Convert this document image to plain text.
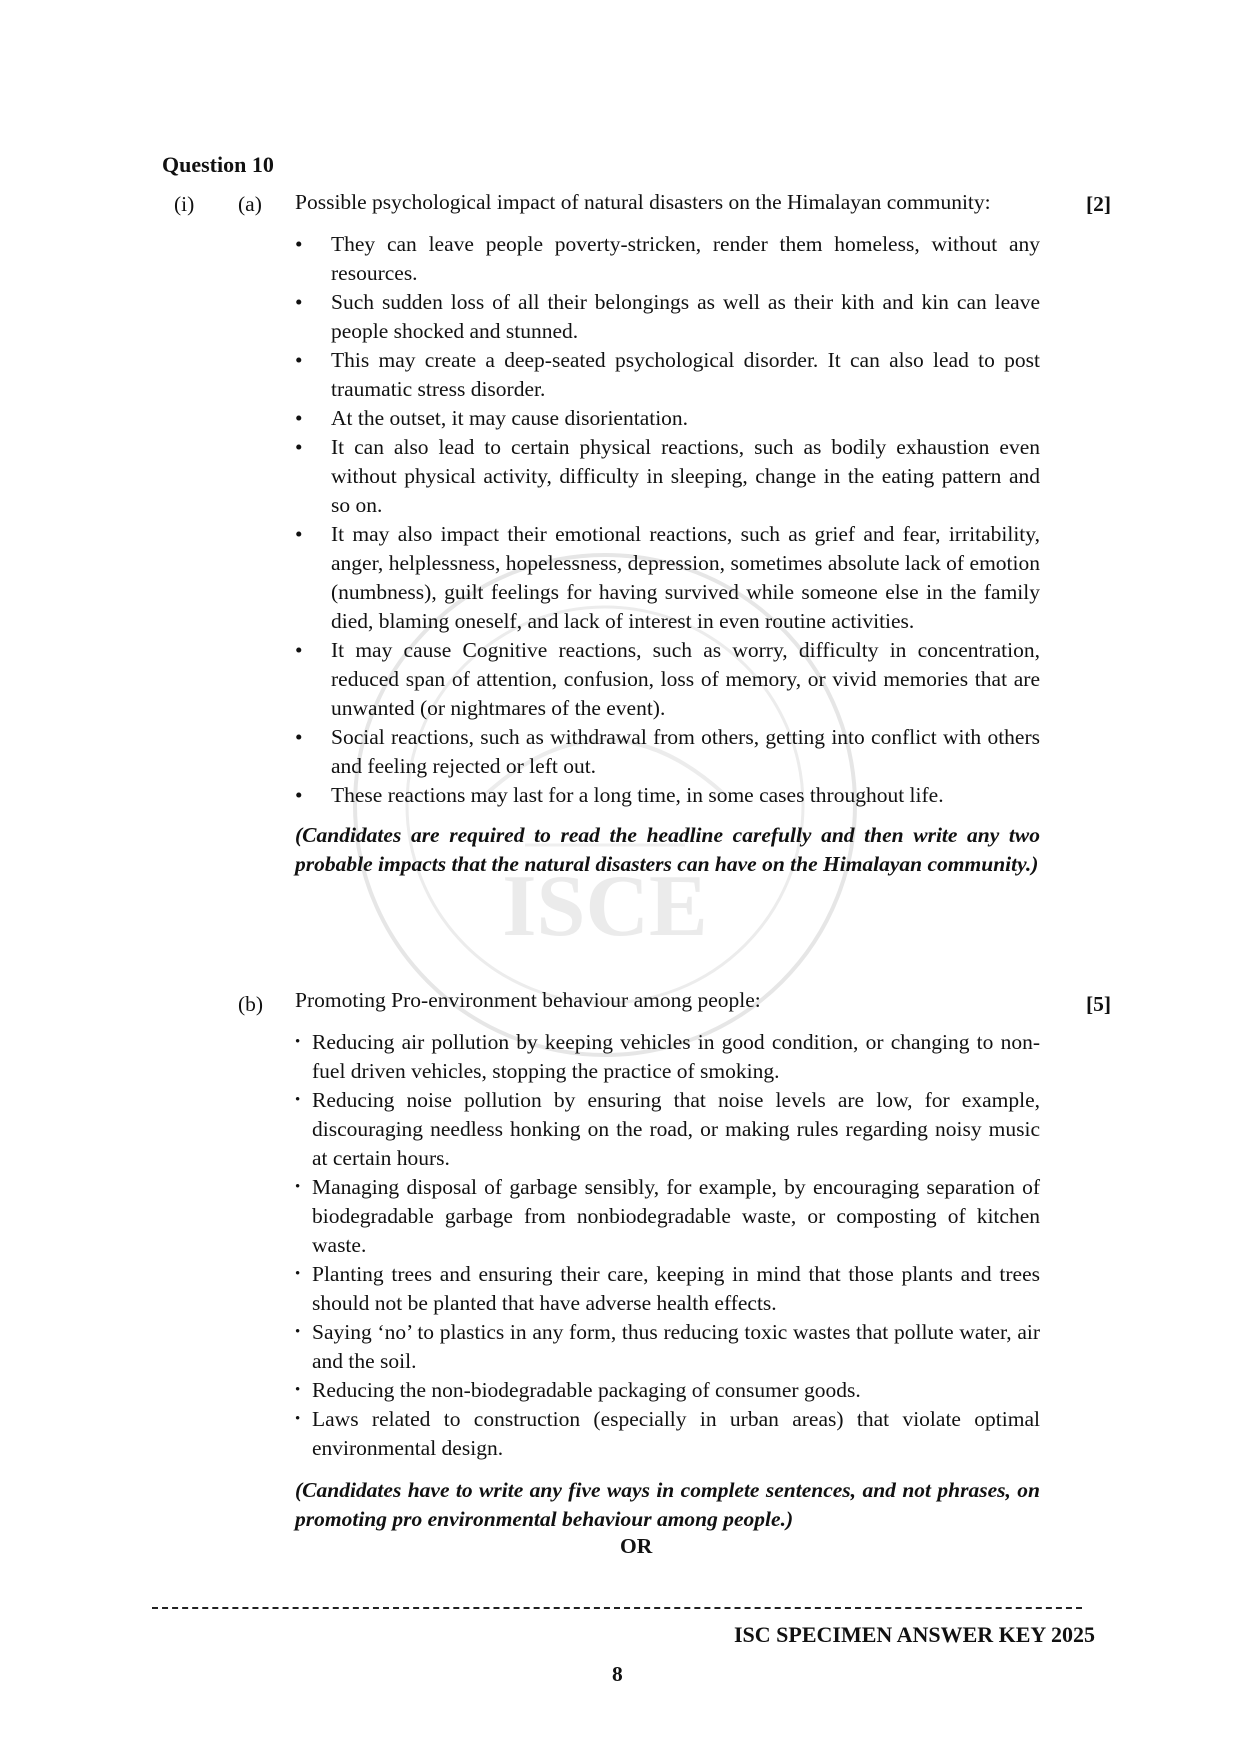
ISCE
Question 10
(i) (a)	[2]

Possible psychological impact of natural disasters on the Himalayan community:

• They can leave people poverty-stricken, render them homeless, without any resources.
• Such sudden loss of all their belongings as well as their kith and kin can leave people shocked and stunned.
• This may create a deep-seated psychological disorder. It can also lead to post traumatic stress disorder.
• At the outset, it may cause disorientation.
• It can also lead to certain physical reactions, such as bodily exhaustion even without physical activity, difficulty in sleeping, change in the eating pattern and so on.
• It may also impact their emotional reactions, such as grief and fear, irritability, anger, helplessness, hopelessness, depression, sometimes absolute lack of emotion (numbness), guilt feelings for having survived while someone else in the family died, blaming oneself, and lack of interest in even routine activities.
• It may cause Cognitive reactions, such as worry, difficulty in concentration, reduced span of attention, confusion, loss of memory, or vivid memories that are unwanted (or nightmares of the event).
• Social reactions, such as withdrawal from others, getting into conflict with others and feeling rejected or left out.
• These reactions may last for a long time, in some cases throughout life.

(Candidates are required to read the headline carefully and then write any two probable impacts that the natural disasters can have on the Himalayan community.)

(b)	[5]

Promoting Pro-environment behaviour among people:

• Reducing air pollution by keeping vehicles in good condition, or changing to non-fuel driven vehicles, stopping the practice of smoking.
• Reducing noise pollution by ensuring that noise levels are low, for example, discouraging needless honking on the road, or making rules regarding noisy music at certain hours.
• Managing disposal of garbage sensibly, for example, by encouraging separation of biodegradable garbage from nonbiodegradable waste, or composting of kitchen waste.
• Planting trees and ensuring their care, keeping in mind that those plants and trees should not be planted that have adverse health effects.
• Saying ‘no’ to plastics in any form, thus reducing toxic wastes that pollute water, air and the soil.
• Reducing the non-biodegradable packaging of consumer goods.
• Laws related to construction (especially in urban areas) that violate optimal environmental design.

(Candidates have to write any five ways in complete sentences, and not phrases, on promoting pro environmental behaviour among people.)

OR
ISC SPECIMEN ANSWER KEY 2025
8
